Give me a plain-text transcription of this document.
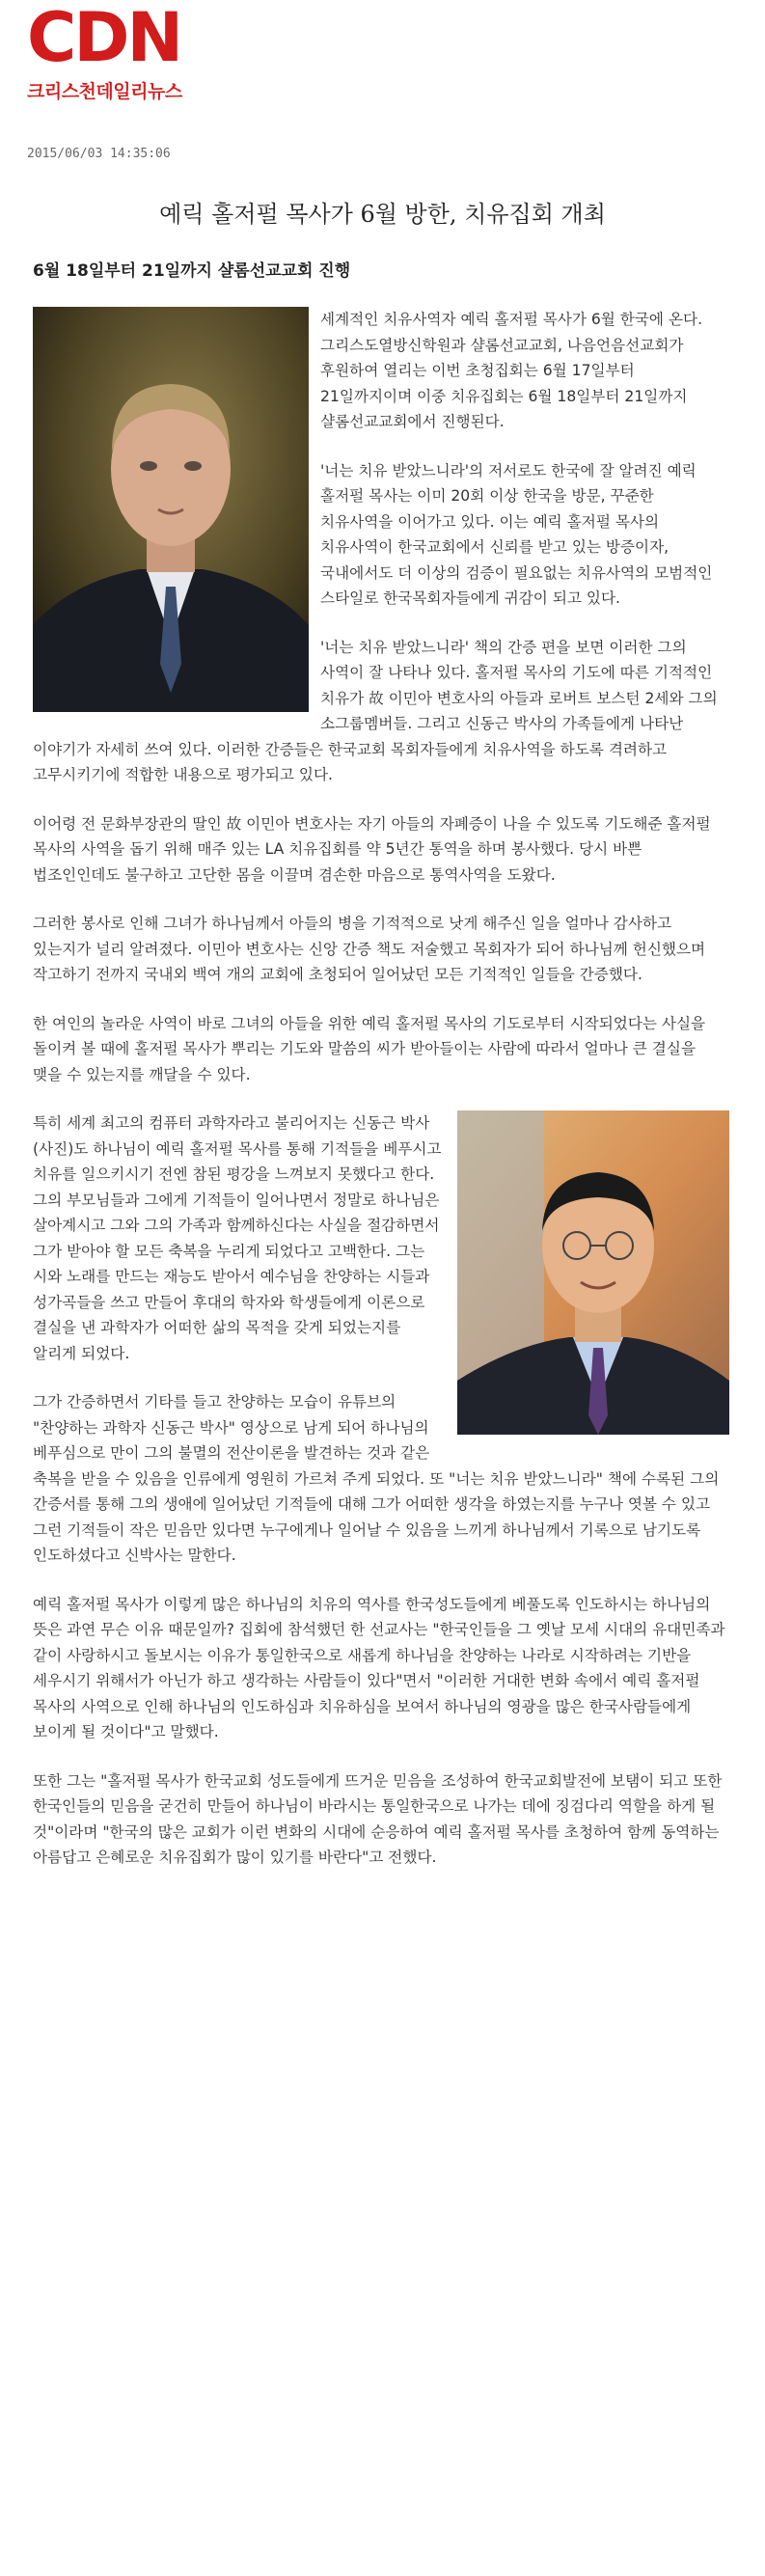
CDN
크리스천데일리뉴스
2015/06/03 14:35:06
예릭 홀저펄 목사가 6월 방한, 치유집회 개최
6월 18일부터 21일까지 샬롬선교교회 진행

세계적인 치유사역자 예릭 홀저펄 목사가 6월 한국에 온다. 그리스도열방신학원과 샬롬선교교회, 나음언음선교회가 후원하여 열리는 이번 초청집회는 6월 17일부터 21일까지이며 이중 치유집회는 6월 18일부터 21일까지 샬롬선교교회에서 진행된다.

'너는 치유 받았느니라'의 저서로도 한국에 잘 알려진 예릭 홀저펄 목사는 이미 20회 이상 한국을 방문, 꾸준한 치유사역을 이어가고 있다. 이는 예릭 홀저펄 목사의 치유사역이 한국교회에서 신뢰를 받고 있는 방증이자, 국내에서도 더 이상의 검증이 필요없는 치유사역의 모범적인 스타일로 한국목회자들에게 귀감이 되고 있다.

'너는 치유 받았느니라' 책의 간증 편을 보면 이러한 그의 사역이 잘 나타나 있다. 홀저펄 목사의 기도에 따른 기적적인 치유가 故 이민아 변호사의 아들과 로버트 보스턴 2세와 그의 소그룹멤버들. 그리고 신동근 박사의 가족들에게 나타난 이야기가 자세히 쓰여 있다. 이러한 간증들은 한국교회 목회자들에게 치유사역을 하도록 격려하고 고무시키기에 적합한 내용으로 평가되고 있다.

이어령 전 문화부장관의 딸인 故 이민아 변호사는 자기 아들의 자폐증이 나을 수 있도록 기도해준 홀저펄 목사의 사역을 돕기 위해 매주 있는 LA 치유집회를 약 5년간 통역을 하며 봉사했다. 당시 바쁜 법조인인데도 불구하고 고단한 몸을 이끌며 겸손한 마음으로 통역사역을 도왔다.

그러한 봉사로 인해 그녀가 하나님께서 아들의 병을 기적적으로 낫게 해주신 일을 얼마나 감사하고 있는지가 널리 알려졌다. 이민아 변호사는 신앙 간증 책도 저술했고 목회자가 되어 하나님께 헌신했으며 작고하기 전까지 국내외 백여 개의 교회에 초청되어 일어났던 모든 기적적인 일들을 간증했다.

한 여인의 놀라운 사역이 바로 그녀의 아들을 위한 예릭 홀저펄 목사의 기도로부터 시작되었다는 사실을 돌이켜 볼 때에 홀저펄 목사가 뿌리는 기도와 말씀의 씨가 받아들이는 사람에 따라서 얼마나 큰 결실을 맺을 수 있는지를 깨달을 수 있다.

특히 세계 최고의 컴퓨터 과학자라고 불리어지는 신동근 박사(사진)도 하나님이 예릭 홀저펄 목사를 통해 기적들을 베푸시고 치유를 일으키시기 전엔 참된 평강을 느껴보지 못했다고 한다. 그의 부모님들과 그에게 기적들이 일어나면서 정말로 하나님은 살아계시고 그와 그의 가족과 함께하신다는 사실을 절감하면서 그가 받아야 할 모든 축복을 누리게 되었다고 고백한다. 그는 시와 노래를 만드는 재능도 받아서 예수님을 찬양하는 시들과 성가곡들을 쓰고 만들어 후대의 학자와 학생들에게 이론으로 결실을 낸 과학자가 어떠한 삶의 목적을 갖게 되었는지를 알리게 되었다.

그가 간증하면서 기타를 들고 찬양하는 모습이 유튜브의 "찬양하는 과학자 신동근 박사" 영상으로 남게 되어 하나님의 베푸심으로 만이 그의 불멸의 전산이론을 발견하는 것과 같은 축복을 받을 수 있음을 인류에게 영원히 가르쳐 주게 되었다. 또 "너는 치유 받았느니라" 책에 수록된 그의 간증서를 통해 그의 생애에 일어났던 기적들에 대해 그가 어떠한 생각을 하였는지를 누구나 엿볼 수 있고 그런 기적들이 작은 믿음만 있다면 누구에게나 일어날 수 있음을 느끼게 하나님께서 기록으로 남기도록 인도하셨다고 신박사는 말한다.

예릭 홀저펄 목사가 이렇게 많은 하나님의 치유의 역사를 한국성도들에게 베풀도록 인도하시는 하나님의 뜻은 과연 무슨 이유 때문일까? 집회에 참석했던 한 선교사는 "한국인들을 그 옛날 모세 시대의 유대민족과 같이 사랑하시고 돌보시는 이유가 통일한국으로 새롭게 하나님을 찬양하는 나라로 시작하려는 기반을 세우시기 위해서가 아닌가 하고 생각하는 사람들이 있다"면서 "이러한 거대한 변화 속에서 예릭 홀저펄 목사의 사역으로 인해 하나님의 인도하심과 치유하심을 보여서 하나님의 영광을 많은 한국사람들에게 보이게 될 것이다"고 말했다.

또한 그는 "홀저펄 목사가 한국교회 성도들에게 뜨거운 믿음을 조성하여 한국교회발전에 보탬이 되고 또한 한국인들의 믿음을 굳건히 만들어 하나님이 바라시는 통일한국으로 나가는 데에 징검다리 역할을 하게 될 것"이라며 "한국의 많은 교회가 이런 변화의 시대에 순응하여 예릭 홀저펄 목사를 초청하여 함께 동역하는 아름답고 은혜로운 치유집회가 많이 있기를 바란다"고 전했다.
